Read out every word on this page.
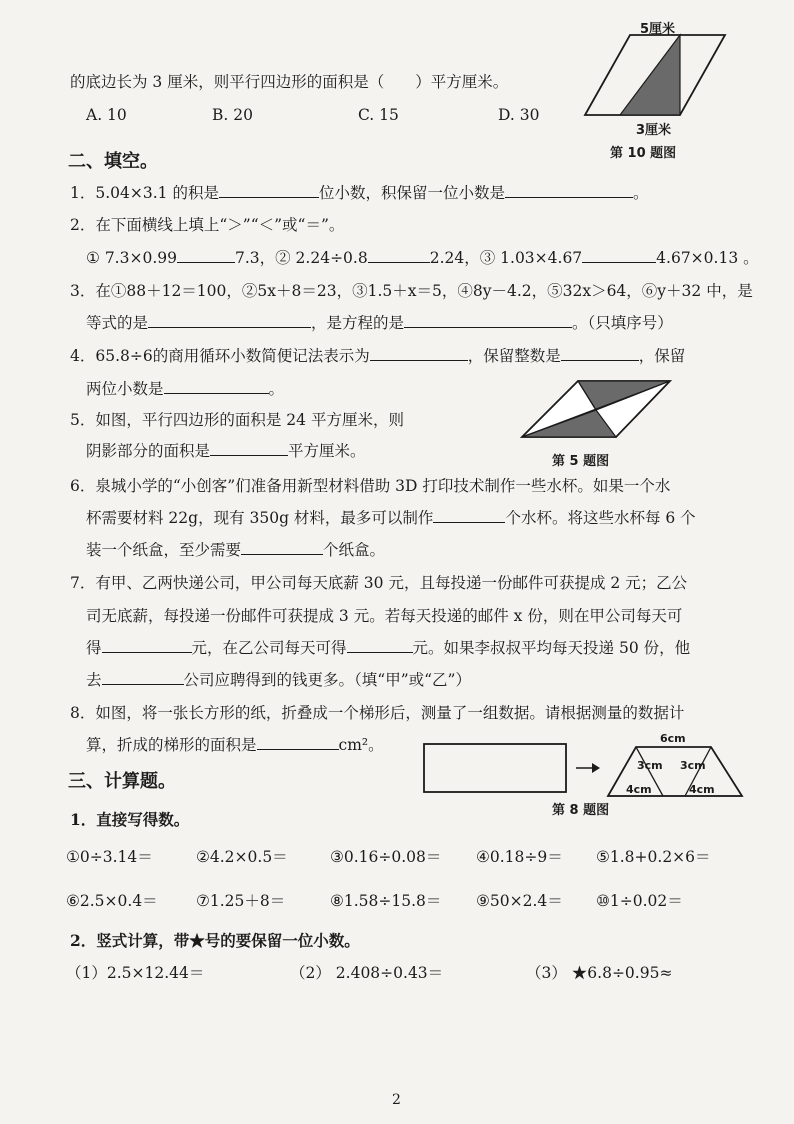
的底边长为 3 厘米，则平行四边形的面积是（　　）平方厘米。
A. 10	B. 20	C. 15	D. 30
5厘米
3厘米
第 10 题图
二、填空。
1．5.04×3.1 的积是	位小数，积保留一位小数是	。
2．在下面横线上填上“＞”“＜”或“＝”。
① 7.3×0.99	7.3，② 2.24÷0.8	2.24，③ 1.03×4.67	4.67×0.13 。
3．在①88＋12＝100，②5x＋8＝23，③1.5＋x＝5，④8y－4.2，⑤32x＞64，⑥y＋32 中，是
等式的是	，是方程的是	。（只填序号）
4．65.8÷6的商用循环小数简便记法表示为	，保留整数是	，保留
两位小数是	。
5．如图，平行四边形的面积是 24 平方厘米，则
阴影部分的面积是	平方厘米。
第 5 题图
6．泉城小学的“小创客”们准备用新型材料借助 3D 打印技术制作一些水杯。如果一个水
杯需要材料 22g，现有 350g 材料，最多可以制作	个水杯。将这些水杯每 6 个
装一个纸盒，至少需要	个纸盒。
7．有甲、乙两快递公司，甲公司每天底薪 30 元，且每投递一份邮件可获提成 2 元；乙公
司无底薪，每投递一份邮件可获提成 3 元。若每天投递的邮件 x 份，则在甲公司每天可
得	元，在乙公司每天可得	元。如果李叔叔平均每天投递 50 份，他
去	公司应聘得到的钱更多。（填“甲”或“乙”）
8．如图，将一张长方形的纸，折叠成一个梯形后，测量了一组数据。请根据测量的数据计
算，折成的梯形的面积是	cm²。	6cm
3cm 3cm
4cm	4cm
第 8 题图
三、计算题。
1．直接写得数。
①0÷3.14＝	②4.2×0.5＝	③0.16÷0.08＝ ④0.18÷9＝ ⑤1.8+0.2×6＝
⑥2.5×0.4＝ ⑦1.25＋8＝	⑧1.58÷15.8＝ ⑨50×2.4＝ ⑩1÷0.02＝
2．竖式计算，带★号的要保留一位小数。
（1）2.5×12.44＝	（2） 2.408÷0.43＝	（3） ★6.8÷0.95≈
2
